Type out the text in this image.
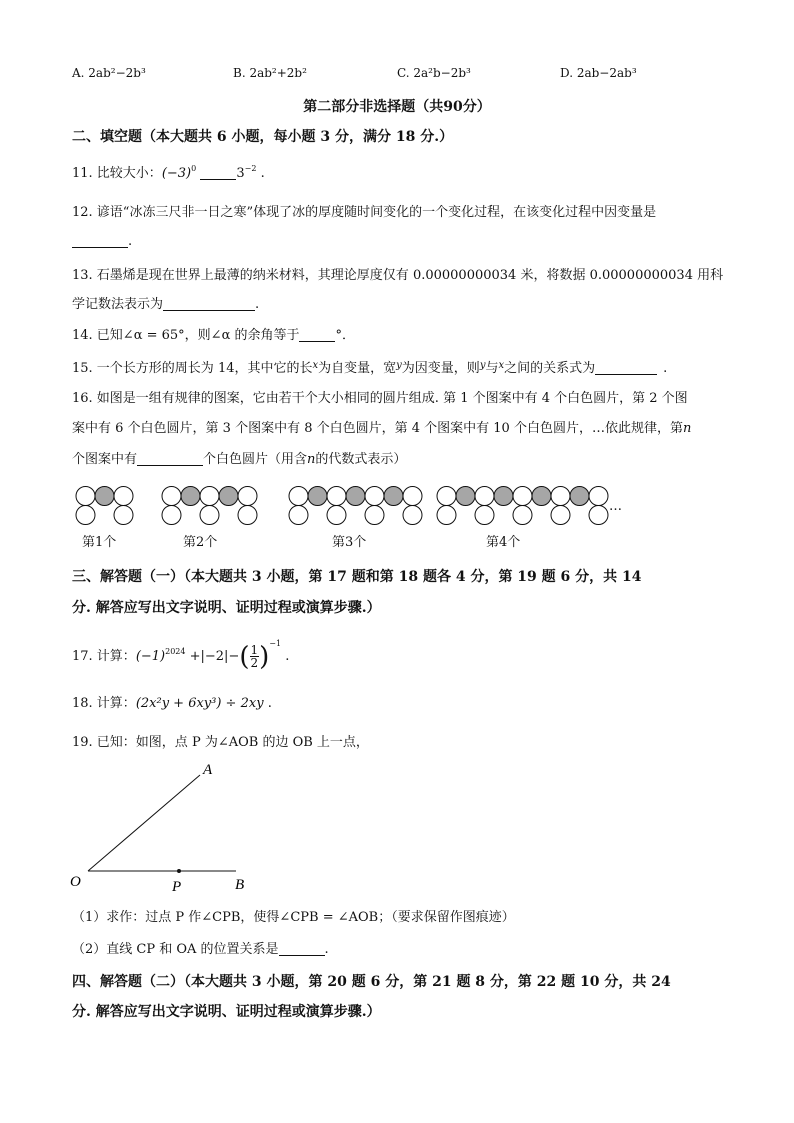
A. 2ab²−2b³	B. 2ab²+2b²	C. 2a²b−2b³	D. 2ab−2ab³
第二部分非选择题（共90分）
二、填空题（本大题共 6 小题，每小题 3 分，满分 18 分.）
11. 比较大小：$(-3)^0$	$3^{-2}$ .
12. 谚语“冰冻三尺非一日之寒”体现了冰的厚度随时间变化的一个变化过程，在该变化过程中因变量是
.
13. 石墨烯是现在世界上最薄的纳米材料，其理论厚度仅有 0.00000000034 米，将数据 0.00000000034 用科
学记数法表示为	.
14. 已知∠α = 65°，则∠α 的余角等于	°．
15. 一个长方形的周长为 14，其中它的长$^x$为自变量，宽$^y$为因变量，则$^y$与$^x$之间的关系式为	.
16. 如图是一组有规律的图案，它由若干个大小相同的圆片组成. 第 1 个图案中有 4 个白色圆片，第 2 个图
案中有 6 个白色圆片，第 3 个图案中有 8 个白色圆片，第 4 个图案中有 10 个白色圆片，…依此规律，第n
个图案中有	个白色圆片（用含n的代数式表示）
第1个	第2个	第3个	第4个
…
三、解答题（一）（本大题共 3 小题，第 17 题和第 18 题各 4 分，第 19 题 6 分，共 14
分. 解答应写出文字说明、证明过程或演算步骤.）
17. 计算：$(-1)^{2024} +|-2|-( \frac{1}{2} )^{-1}$ .
18. 计算：(2x²y + 6xy³) ÷ 2xy .
19. 已知：如图，点 P 为∠AOB 的边 OB 上一点，
A
O	P	B
（1）求作：过点 P 作∠CPB，使得∠CPB = ∠AOB；（要求保留作图痕迹）
（2）直线 CP 和 OA 的位置关系是	.
四、解答题（二）（本大题共 3 小题，第 20 题 6 分，第 21 题 8 分，第 22 题 10 分，共 24
分. 解答应写出文字说明、证明过程或演算步骤.）
